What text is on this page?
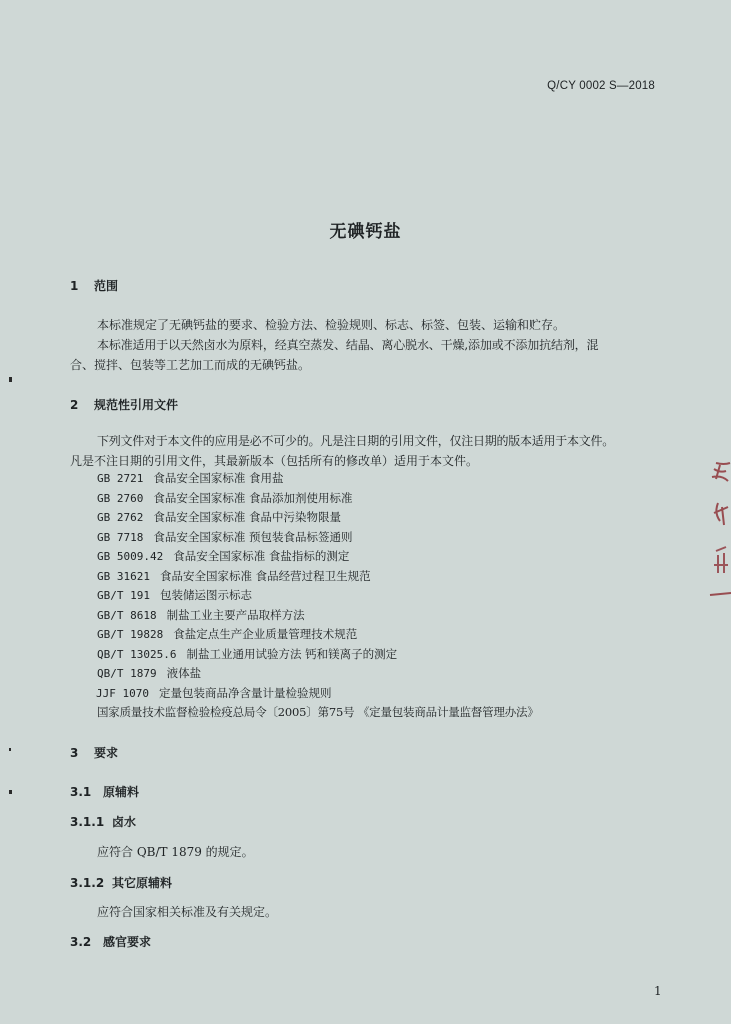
Q/CY 0002 S—2018
无碘钙盐
1 范围
本标准规定了无碘钙盐的要求、检验方法、检验规则、标志、标签、包装、运输和贮存。
本标准适用于以天然卤水为原料，经真空蒸发、结晶、离心脱水、干燥,添加或不添加抗结剂，混
合、搅拌、包装等工艺加工而成的无碘钙盐。
2 规范性引用文件
下列文件对于本文件的应用是必不可少的。凡是注日期的引用文件，仅注日期的版本适用于本文件。
凡是不注日期的引用文件，其最新版本（包括所有的修改单）适用于本文件。
GB 2721 食品安全国家标准 食用盐
GB 2760 食品安全国家标准 食品添加剂使用标准
GB 2762 食品安全国家标准 食品中污染物限量
GB 7718 食品安全国家标准 预包装食品标签通则
GB 5009.42 食品安全国家标准 食盐指标的测定
GB 31621 食品安全国家标准 食品经营过程卫生规范
GB/T 191 包装储运图示标志
GB/T 8618 制盐工业主要产品取样方法
GB/T 19828 食盐定点生产企业质量管理技术规范
QB/T 13025.6 制盐工业通用试验方法 钙和镁离子的测定
QB/T 1879 液体盐
JJF 1070 定量包装商品净含量计量检验规则
国家质量技术监督检验检疫总局令〔2005〕第75号 《定量包装商品计量监督管理办法》
3 要求
3.1 原辅料
3.1.1 卤水
应符合 QB/T 1879 的规定。
3.1.2 其它原辅料
应符合国家相关标准及有关规定。
3.2 感官要求
1
